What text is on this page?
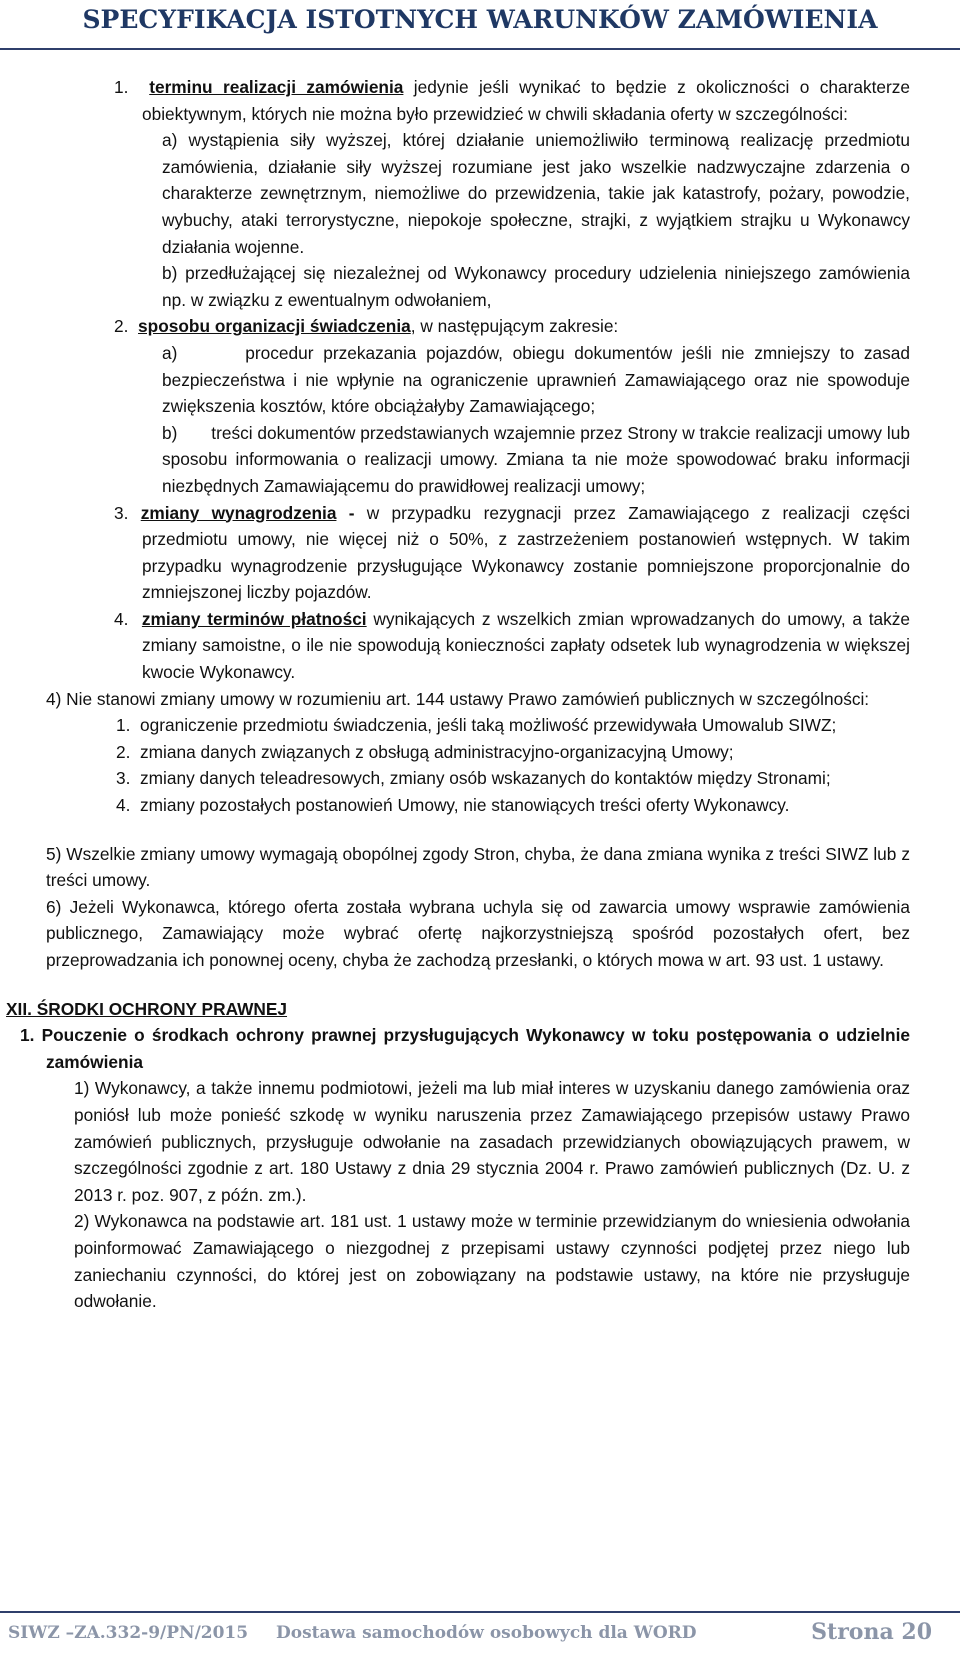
SPECYFIKACJA ISTOTNYCH WARUNKÓW ZAMÓWIENIA
1. terminu realizacji zamówienia jedynie jeśli wynikać to będzie z okoliczności o charakterze obiektywnym, których nie można było przewidzieć w chwili składania oferty w szczególności:
a) wystąpienia siły wyższej, której działanie uniemożliwiło terminową realizację przedmiotu zamówienia, działanie siły wyższej rozumiane jest jako wszelkie nadzwyczajne zdarzenia o charakterze zewnętrznym, niemożliwe do przewidzenia, takie jak katastrofy, pożary, powodzie, wybuchy, ataki terrorystyczne, niepokoje społeczne, strajki, z wyjątkiem strajku u Wykonawcy działania wojenne.
b) przedłużającej się niezależnej od Wykonawcy procedury udzielenia niniejszego zamówienia np. w związku z ewentualnym odwołaniem,
2. sposobu organizacji świadczenia, w następującym zakresie:
a)       procedur przekazania pojazdów, obiegu dokumentów jeśli nie zmniejszy to zasad bezpieczeństwa i nie wpłynie na ograniczenie uprawnień Zamawiającego oraz nie spowoduje zwiększenia kosztów, które obciążałyby Zamawiającego;
b)       treści dokumentów przedstawianych wzajemnie przez Strony w trakcie realizacji umowy lub sposobu informowania o realizacji umowy. Zmiana ta nie może spowodować braku informacji niezbędnych Zamawiającemu do prawidłowej realizacji umowy;
3. zmiany wynagrodzenia - w przypadku rezygnacji przez Zamawiającego z realizacji części przedmiotu umowy, nie więcej niż o 50%, z zastrzeżeniem postanowień wstępnych. W takim przypadku wynagrodzenie przysługujące Wykonawcy zostanie pomniejszone proporcjonalnie do zmniejszonej liczby pojazdów.
4. zmiany terminów płatności wynikających z wszelkich zmian wprowadzanych do umowy, a także zmiany samoistne, o ile nie spowodują konieczności zapłaty odsetek lub wynagrodzenia w większej kwocie Wykonawcy.
4) Nie stanowi zmiany umowy w rozumieniu art. 144 ustawy Prawo zamówień publicznych w szczególności:
1.  ograniczenie przedmiotu świadczenia, jeśli taką możliwość przewidywała Umowalub SIWZ;
2.  zmiana danych związanych z obsługą administracyjno-organizacyjną Umowy;
3.  zmiany danych teleadresowych, zmiany osób wskazanych do kontaktów między Stronami;
4.  zmiany pozostałych postanowień Umowy, nie stanowiących treści oferty Wykonawcy.
5) Wszelkie zmiany umowy wymagają obopólnej zgody Stron, chyba, że dana zmiana wynika z treści SIWZ lub z treści umowy.
6) Jeżeli Wykonawca, którego oferta została wybrana uchyla się od zawarcia umowy wsprawie zamówienia publicznego, Zamawiający może wybrać ofertę najkorzystniejszą spośród pozostałych ofert, bez przeprowadzania ich ponownej oceny, chyba że zachodzą przesłanki, o których mowa w art. 93 ust. 1 ustawy.
XII. ŚRODKI OCHRONY PRAWNEJ
1. Pouczenie o środkach ochrony prawnej przysługujących Wykonawcy w toku postępowania o udzielnie zamówienia
1) Wykonawcy, a także innemu podmiotowi, jeżeli ma lub miał interes w uzyskaniu danego zamówienia oraz poniósł lub może ponieść szkodę w wyniku naruszenia przez Zamawiającego przepisów ustawy Prawo zamówień publicznych, przysługuje odwołanie na zasadach przewidzianych obowiązujących prawem, w szczególności zgodnie z art. 180 Ustawy z dnia 29 stycznia 2004 r. Prawo zamówień publicznych (Dz. U. z 2013 r. poz. 907, z późn. zm.).
2) Wykonawca na podstawie art. 181 ust. 1 ustawy może w terminie przewidzianym do wniesienia odwołania poinformować Zamawiającego o niezgodnej z przepisami ustawy czynności podjętej przez niego lub zaniechaniu czynności, do której jest on zobowiązany na podstawie ustawy, na które nie przysługuje odwołanie.
SIWZ –ZA.332-9/PN/2015 Dostawa samochodów osobowych dla WORD	Strona 20
